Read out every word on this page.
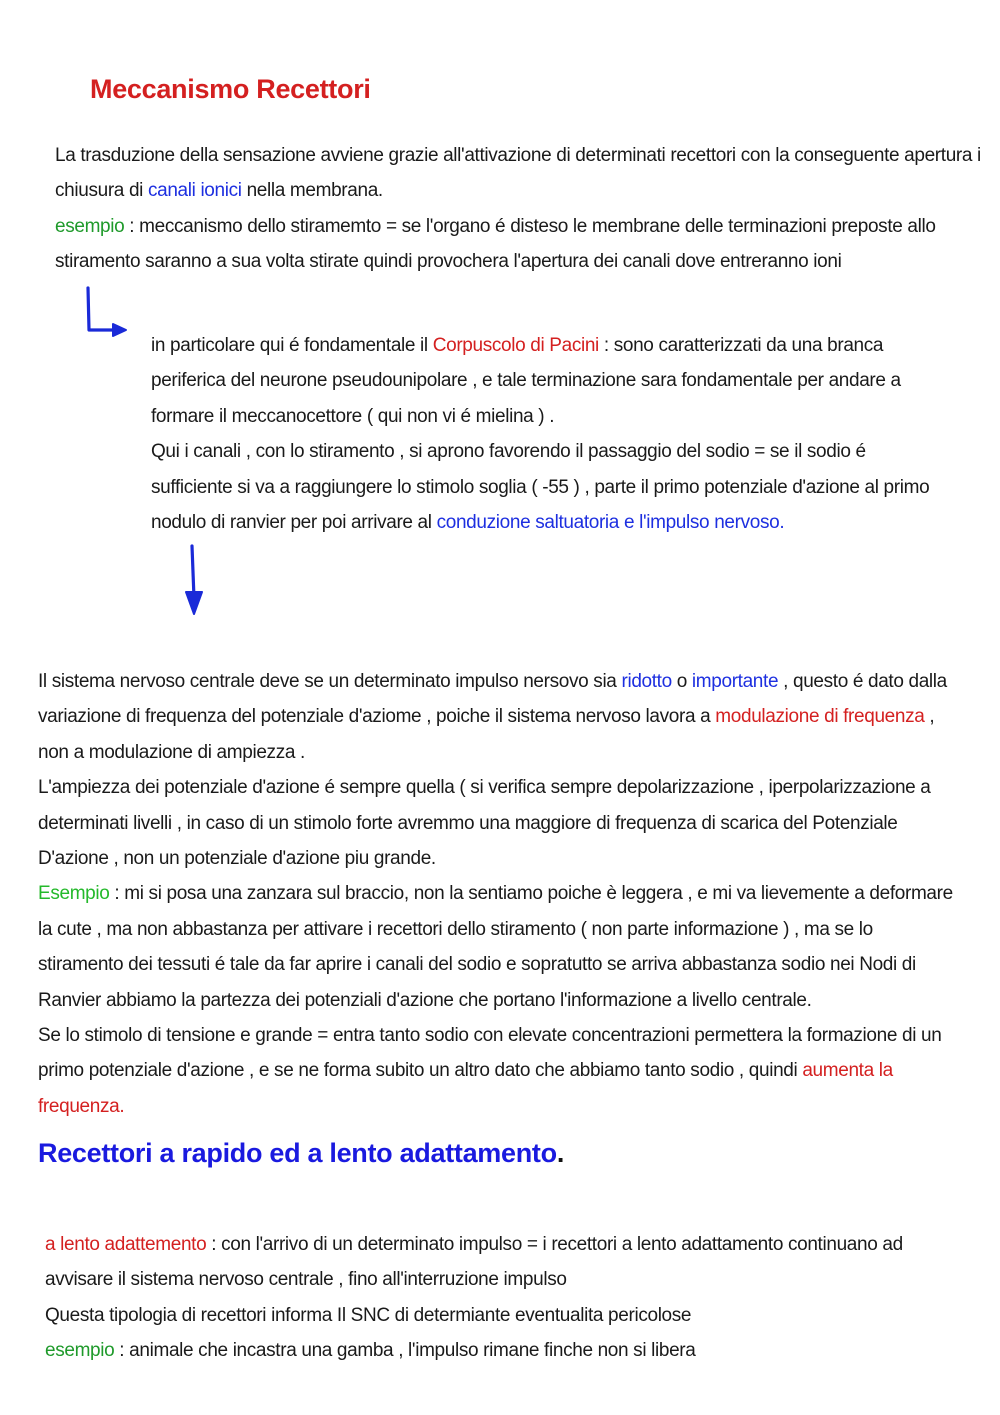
Meccanismo Recettori

La trasduzione della sensazione avviene grazie all'attivazione di determinati recettori con la conseguente apertura i chiusura di canali ionici nella membrana.
esempio : meccanismo dello stiramemto = se l'organo é disteso le membrane delle terminazioni preposte allo stiramento saranno a sua volta stirate quindi provochera l'apertura dei canali dove entreranno ioni

in particolare qui é fondamentale il Corpuscolo di Pacini : sono caratterizzati da una branca periferica del neurone pseudounipolare , e tale terminazione sara fondamentale per andare a formare il meccanocettore ( qui non vi é mielina ) .
Qui i canali , con lo stiramento , si aprono favorendo il passaggio del sodio = se il sodio é sufficiente si va a raggiungere lo stimolo soglia ( -55 ) , parte il primo potenziale d'azione al primo nodulo di ranvier per poi arrivare al conduzione saltuatoria e l'impulso nervoso.

Il sistema nervoso centrale deve se un determinato impulso nersovo sia ridotto o importante , questo é dato dalla variazione di frequenza del potenziale d'aziome , poiche il sistema nervoso lavora a modulazione di frequenza , non a modulazione di ampiezza .
L'ampiezza dei potenziale d'azione é sempre quella ( si verifica sempre depolarizzazione , iperpolarizzazione a determinati livelli , in caso di un stimolo forte avremmo una maggiore di frequenza di scarica del Potenziale D'azione , non un potenziale d'azione piu grande.
Esempio : mi si posa una zanzara sul braccio, non la sentiamo poiche è leggera , e mi va lievemente a deformare la cute , ma non abbastanza per attivare i recettori dello stiramento ( non parte informazione ) , ma se lo stiramento dei tessuti é tale da far aprire i canali del sodio e sopratutto se arriva abbastanza sodio nei Nodi di Ranvier abbiamo la partezza dei potenziali d'azione che portano l'informazione a livello centrale.
Se lo stimolo di tensione e grande = entra tanto sodio con elevate concentrazioni permettera la formazione di un primo potenziale d'azione , e se ne forma subito un altro dato che abbiamo tanto sodio , quindi aumenta la frequenza.

Recettori a rapido ed a lento adattamento.

a lento adattemento : con l'arrivo di un determinato impulso = i recettori a lento adattamento continuano ad avvisare il sistema nervoso centrale , fino all'interruzione impulso
Questa tipologia di recettori informa Il SNC di determiante eventualita pericolose
esempio : animale che incastra una gamba , l'impulso rimane finche non si libera
